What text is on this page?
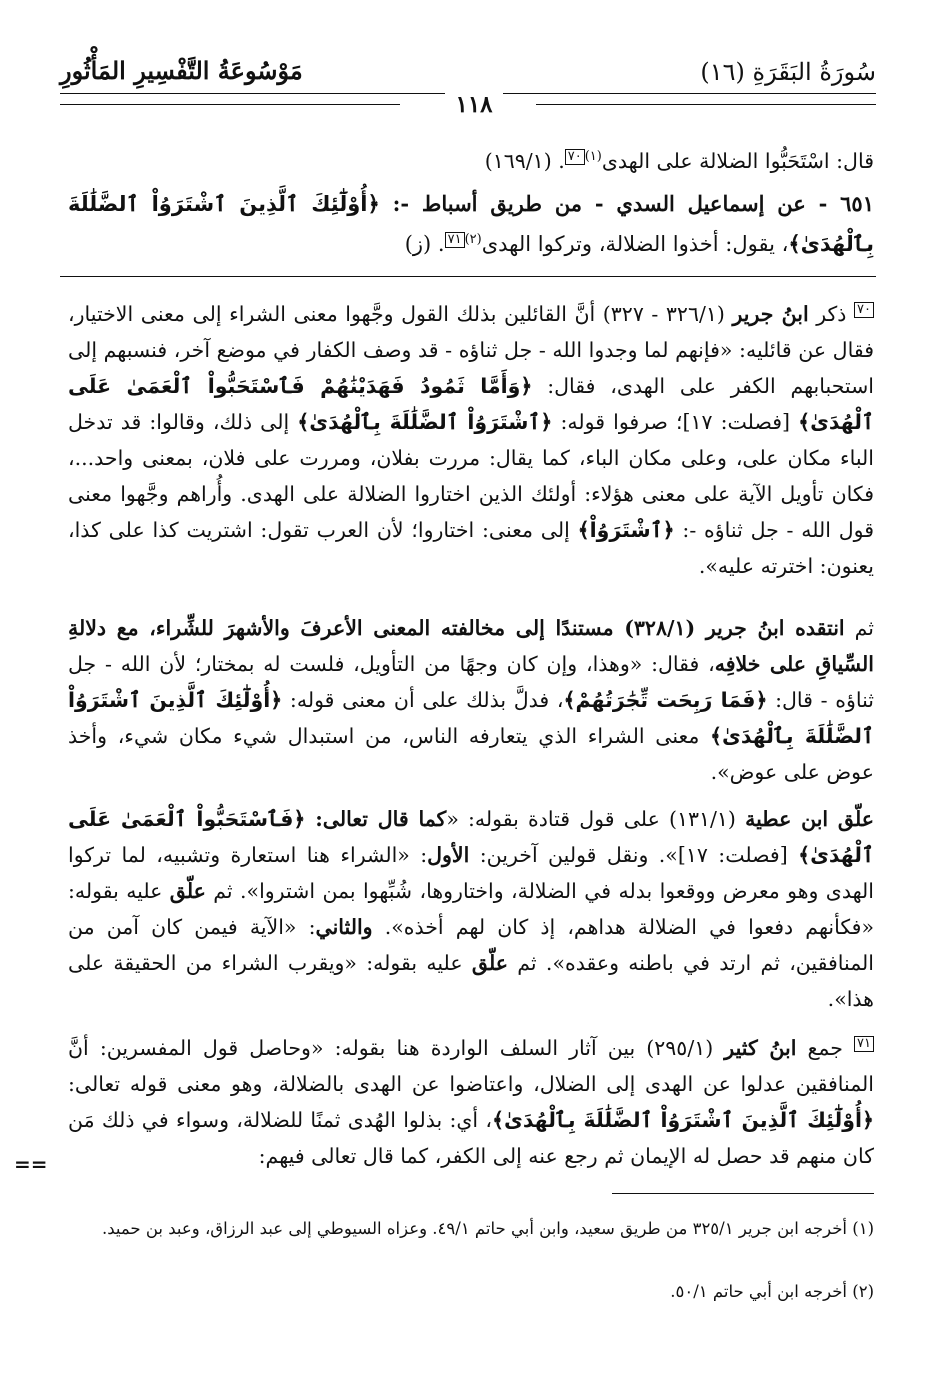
سُورَةُ البَقَرَةِ (١٦)
مَوْسُوعَةُ التَّفْسِيرِ المَأْثُورِ
١١٨
قال: اسْتَحَبُّوا الضلالة على الهدى$^{(١)}$٧٠. (١٦٩/١)
٦٥١ - عن إسماعيل السدي - من طريق أسباط -: ﴿أُوْلَٰٓئِكَ ٱلَّذِينَ ٱشْتَرَوُاْ ٱلضَّلَٰلَةَ بِٱلْهُدَىٰ﴾، يقول: أخذوا الضلالة، وتركوا الهدى$^{(٢)}$٧١. (ز)
٧٠ ذكر ابنُ جرير (٣٢٦/١ - ٣٢٧) أنَّ القائلين بذلك القول وجَّهوا معنى الشراء إلى معنى الاختيار، فقال عن قائليه: «فإنهم لما وجدوا الله - جل ثناؤه - قد وصف الكفار في موضع آخر، فنسبهم إلى استحبابهم الكفر على الهدى، فقال: ﴿وَأَمَّا ثَمُودُ فَهَدَيْنَٰهُمْ فَٱسْتَحَبُّواْ ٱلْعَمَىٰ عَلَى ٱلْهُدَىٰ﴾ [فصلت: ١٧]؛ صرفوا قوله: ﴿ٱشْتَرَوُاْ ٱلضَّلَٰلَةَ بِٱلْهُدَىٰ﴾ إلى ذلك، وقالوا: قد تدخل الباء مكان على، وعلى مكان الباء، كما يقال: مررت بفلان، ومررت على فلان، بمعنى واحد...، فكان تأويل الآية على معنى هؤلاء: أولئك الذين اختاروا الضلالة على الهدى. وأُراهم وجَّهوا معنى قول الله - جل ثناؤه -: ﴿ٱشْتَرَوُاْ﴾ إلى معنى: اختاروا؛ لأن العرب تقول: اشتريت كذا على كذا، يعنون: اخترته عليه».
ثم انتقده ابنُ جرير (٣٢٨/١) مستندًا إلى مخالفته المعنى الأعرفَ والأشهرَ للشِّراء، مع دلالةِ السِّياقِ على خلافِه، فقال: «وهذا، وإن كان وجهًا من التأويل، فلست له بمختار؛ لأن الله - جل ثناؤه - قال: ﴿فَمَا رَبِحَت تِّجَٰرَتُهُمْ﴾، فدلَّ بذلك على أن معنى قوله: ﴿أُوْلَٰٓئِكَ ٱلَّذِينَ ٱشْتَرَوُاْ ٱلضَّلَٰلَةَ بِٱلْهُدَىٰ﴾ معنى الشراء الذي يتعارفه الناس، من استبدال شيء مكان شيء، وأخذ عوض على عوض».
علّق ابن عطية (١٣١/١) على قول قتادة بقوله: «كما قال تعالى: ﴿فَٱسْتَحَبُّواْ ٱلْعَمَىٰ عَلَى ٱلْهُدَىٰ﴾ [فصلت: ١٧]». ونقل قولين آخرين: الأول: «الشراء هنا استعارة وتشبيه، لما تركوا الهدى وهو معرض ووقعوا بدله في الضلالة، واختاروها، شُبِّهوا بمن اشتروا». ثم علّق عليه بقوله: «فكأنهم دفعوا في الضلالة هداهم، إذ كان لهم أخذه». والثاني: «الآية فيمن كان آمن من المنافقين، ثم ارتد في باطنه وعقده». ثم علّق عليه بقوله: «ويقرب الشراء من الحقيقة على هذا».
٧١ جمع ابنُ كثير (٢٩٥/١) بين آثار السلف الواردة هنا بقوله: «وحاصل قول المفسرين: أنَّ المنافقين عدلوا عن الهدى إلى الضلال، واعتاضوا عن الهدى بالضلالة، وهو معنى قوله تعالى: ﴿أُوْلَٰٓئِكَ ٱلَّذِينَ ٱشْتَرَوُاْ ٱلضَّلَٰلَةَ بِٱلْهُدَىٰ﴾، أي: بذلوا الهُدى ثمنًا للضلالة، وسواء في ذلك مَن كان منهم قد حصل له الإيمان ثم رجع عنه إلى الكفر، كما قال تعالى فيهم:
==
(١) أخرجه ابن جرير ٣٢٥/١ من طريق سعيد، وابن أبي حاتم ٤٩/١. وعزاه السيوطي إلى عبد الرزاق، وعبد بن حميد.
(٢) أخرجه ابن أبي حاتم ٥٠/١.
